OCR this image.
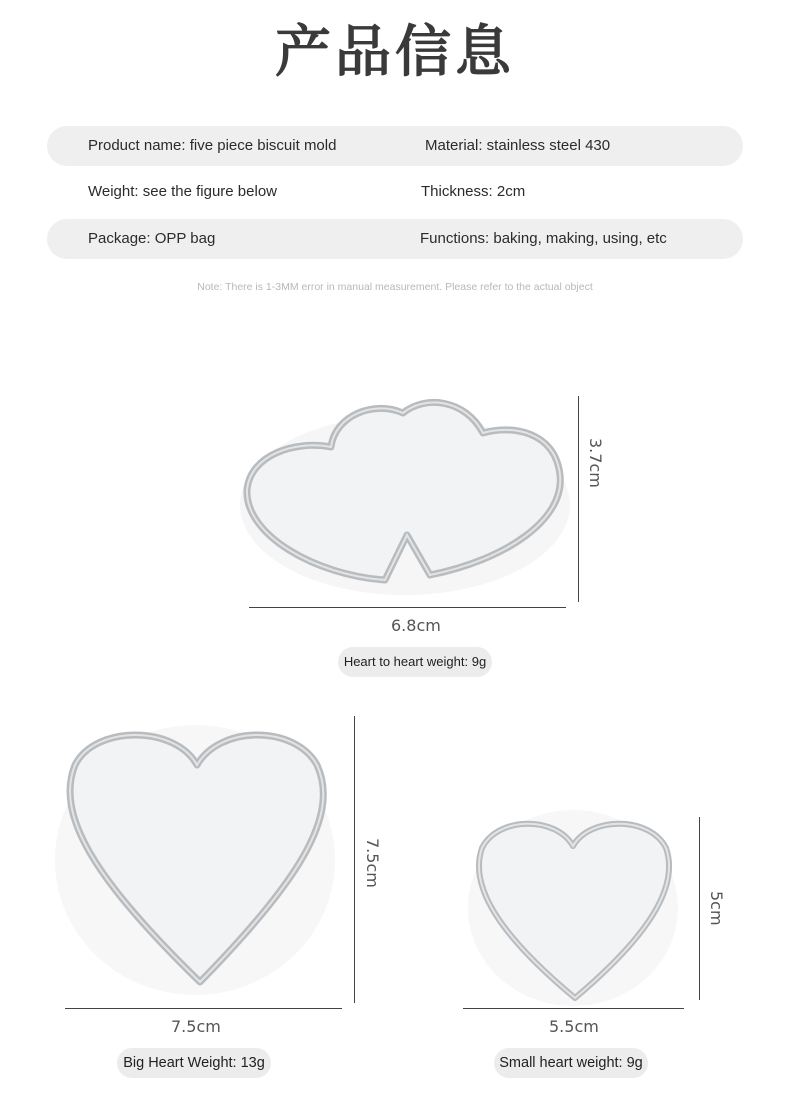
产品信息
Product name: five piece biscuit mold	Material: stainless steel 430
Weight: see the figure below	Thickness: 2cm
Package: OPP bag	Functions: baking, making, using, etc
Note: There is 1-3MM error in manual measurement. Please refer to the actual object
6.8cm
3.7cm
Heart to heart weight: 9g
7.5cm
7.5cm
Big Heart Weight: 13g
5.5cm
5cm
Small heart weight: 9g
